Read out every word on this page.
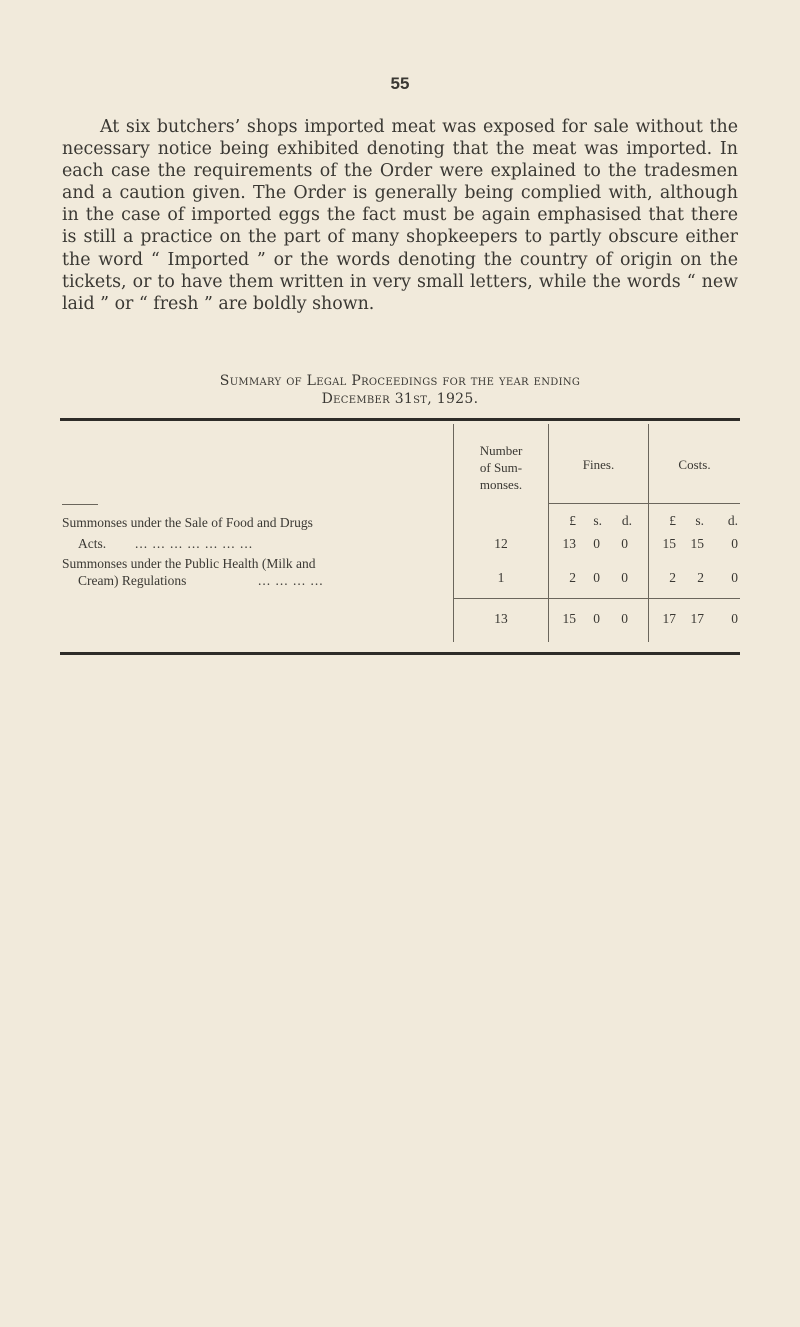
55

At six butchers’ shops imported meat was exposed for sale without the necessary notice being exhibited denoting that the meat was imported. In each case the requirements of the Order were explained to the tradesmen and a caution given. The Order is generally being complied with, although in the case of imported eggs the fact must be again emphasised that there is still a practice on the part of many shopkeepers to partly obscure either the word “ Imported ” or the words denoting the country of origin on the tickets, or to have them written in very small letters, while the words “ new laid ” or “ fresh ” are boldly shown.

Summary of Legal Proceedings for the year ending
December 31st, 1925.
Number
of Sum-
monses.
Fines.	Costs.
£	s.	d.	£	s.	d.
Summonses under the Sale of Food and Drugs
Acts. ... ... ... ... ... ... ...	12	13	0	0	15	15	0
Summonses under the Public Health (Milk and
Cream) Regulations	... ... ... ...	1	2	0	0	2	2	0
13	15	0	0	17	17	0
